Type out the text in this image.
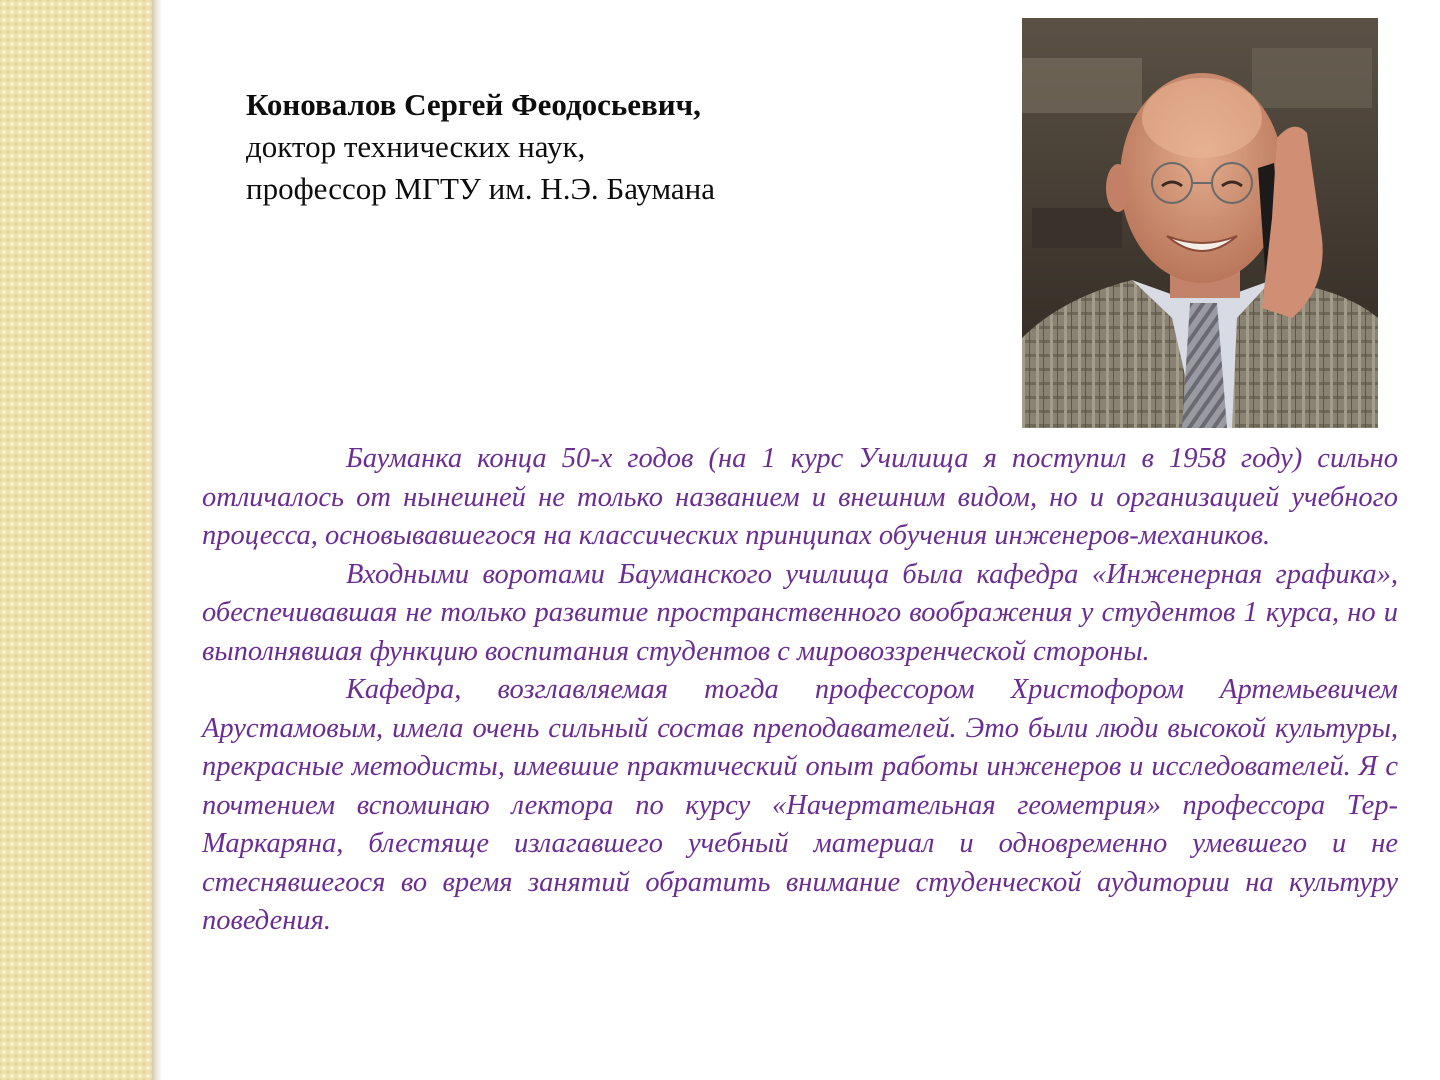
Коновалов Сергей Феодосьевич,

доктор технических наук,

профессор МГТУ им. Н.Э. Баумана

Бауманка конца 50-х годов (на 1 курс Училища я поступил в 1958 году) сильно отличалось от нынешней не только названием и внешним видом, но и организацией учебного процесса, основывавшегося на классических принципах обучения инженеров-механиков.

Входными воротами Бауманского училища была кафедра «Инженерная графика», обеспечивавшая не только развитие пространственного воображения у студентов 1 курса, но и выполнявшая функцию воспитания студентов с мировоззренческой стороны.

Кафедра, возглавляемая тогда профессором Христофором Артемьевичем Арустамовым, имела очень сильный состав преподавателей. Это были люди высокой культуры, прекрасные методисты, имевшие практический опыт работы инженеров и исследователей. Я с почтением вспоминаю лектора по курсу «Начертательная геометрия» профессора Тер-Маркаряна, блестяще излагавшего учебный материал и одновременно умевшего и не стеснявшегося во время занятий обратить внимание студенческой аудитории на культуру поведения.
